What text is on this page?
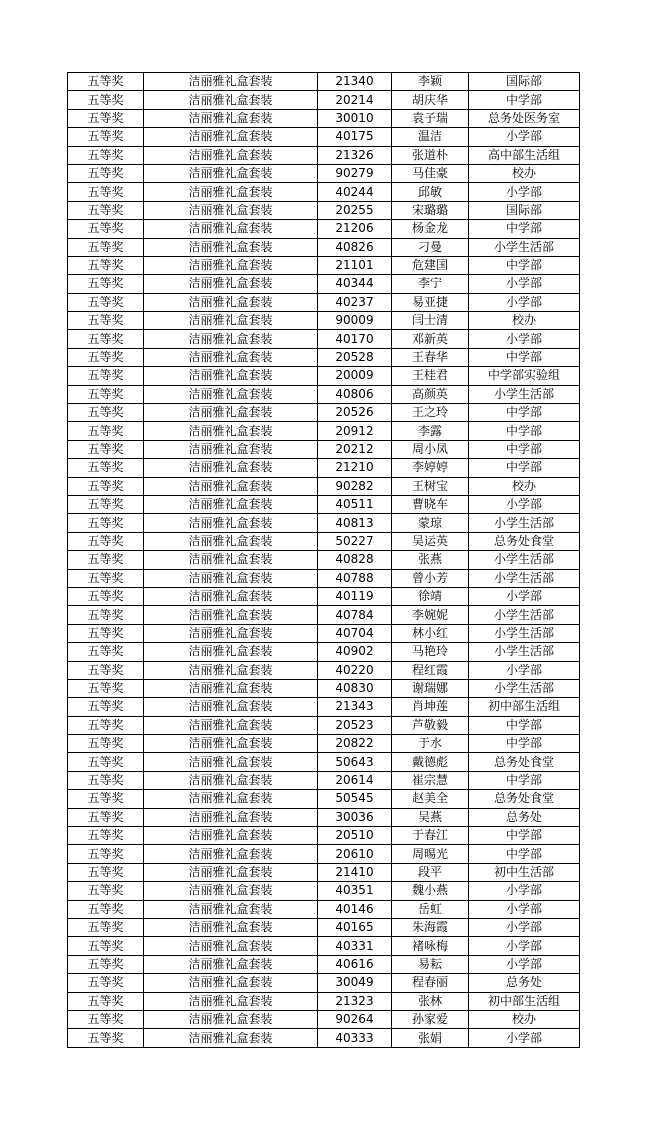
五等奖	洁丽雅礼盒套装	21340	李颖	国际部
五等奖	洁丽雅礼盒套装	20214	胡庆华	中学部
五等奖	洁丽雅礼盒套装	30010	袁子瑞	总务处医务室
五等奖	洁丽雅礼盒套装	40175	温洁	小学部
五等奖	洁丽雅礼盒套装	21326	张道朴	高中部生活组
五等奖	洁丽雅礼盒套装	90279	马佳豪	校办
五等奖	洁丽雅礼盒套装	40244	邱敏	小学部
五等奖	洁丽雅礼盒套装	20255	宋璐璐	国际部
五等奖	洁丽雅礼盒套装	21206	杨金龙	中学部
五等奖	洁丽雅礼盒套装	40826	刁曼	小学生活部
五等奖	洁丽雅礼盒套装	21101	危建国	中学部
五等奖	洁丽雅礼盒套装	40344	李宁	小学部
五等奖	洁丽雅礼盒套装	40237	易亚捷	小学部
五等奖	洁丽雅礼盒套装	90009	闫士清	校办
五等奖	洁丽雅礼盒套装	40170	邓新英	小学部
五等奖	洁丽雅礼盒套装	20528	王春华	中学部
五等奖	洁丽雅礼盒套装	20009	王桂君	中学部实验组
五等奖	洁丽雅礼盒套装	40806	高颜英	小学生活部
五等奖	洁丽雅礼盒套装	20526	王之玲	中学部
五等奖	洁丽雅礼盒套装	20912	李露	中学部
五等奖	洁丽雅礼盒套装	20212	周小凤	中学部
五等奖	洁丽雅礼盒套装	21210	李婷婷	中学部
五等奖	洁丽雅礼盒套装	90282	王树宝	校办
五等奖	洁丽雅礼盒套装	40511	曹晓车	小学部
五等奖	洁丽雅礼盒套装	40813	蒙琼	小学生活部
五等奖	洁丽雅礼盒套装	50227	吴运英	总务处食堂
五等奖	洁丽雅礼盒套装	40828	张燕	小学生活部
五等奖	洁丽雅礼盒套装	40788	曾小芳	小学生活部
五等奖	洁丽雅礼盒套装	40119	徐靖	小学部
五等奖	洁丽雅礼盒套装	40784	李婉妮	小学生活部
五等奖	洁丽雅礼盒套装	40704	林小红	小学生活部
五等奖	洁丽雅礼盒套装	40902	马艳玲	小学生活部
五等奖	洁丽雅礼盒套装	40220	程红霞	小学部
五等奖	洁丽雅礼盒套装	40830	谢瑞娜	小学生活部
五等奖	洁丽雅礼盒套装	21343	肖坤莲	初中部生活组
五等奖	洁丽雅礼盒套装	20523	芦敬毅	中学部
五等奖	洁丽雅礼盒套装	20822	于水	中学部
五等奖	洁丽雅礼盒套装	50643	戴德彪	总务处食堂
五等奖	洁丽雅礼盒套装	20614	崔宗慧	中学部
五等奖	洁丽雅礼盒套装	50545	赵美全	总务处食堂
五等奖	洁丽雅礼盒套装	30036	吴燕	总务处
五等奖	洁丽雅礼盒套装	20510	于春江	中学部
五等奖	洁丽雅礼盒套装	20610	周晹光	中学部
五等奖	洁丽雅礼盒套装	21410	段平	初中生活部
五等奖	洁丽雅礼盒套装	40351	魏小燕	小学部
五等奖	洁丽雅礼盒套装	40146	岳虹	小学部
五等奖	洁丽雅礼盒套装	40165	朱海霞	小学部
五等奖	洁丽雅礼盒套装	40331	褚咏梅	小学部
五等奖	洁丽雅礼盒套装	40616	易耘	小学部
五等奖	洁丽雅礼盒套装	30049	程春丽	总务处
五等奖	洁丽雅礼盒套装	21323	张林	初中部生活组
五等奖	洁丽雅礼盒套装	90264	孙家爱	校办
五等奖	洁丽雅礼盒套装	40333	张娟	小学部
